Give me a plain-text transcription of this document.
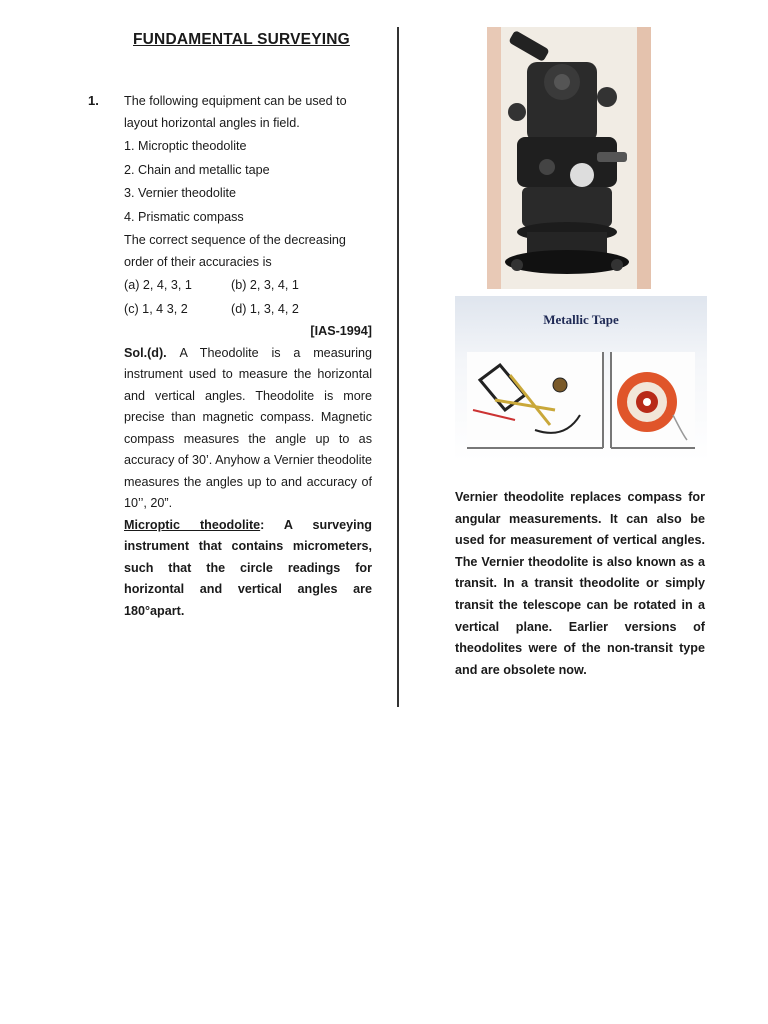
FUNDAMENTAL SURVEYING
1. The following equipment can be used to layout horizontal angles in field.

1. Microptic theodolite

2. Chain and metallic tape

3. Vernier theodolite

4. Prismatic compass

The correct sequence of the decreasing order of their accuracies is

(a) 2, 4, 3, 1	(b) 2, 3, 4, 1
(c) 1, 4 3, 2	(d) 1, 3, 4, 2
[IAS-1994]

Sol.(d). A Theodolite is a measuring instrument used to measure the horizontal and vertical angles. Theodolite is more precise than magnetic compass. Magnetic compass measures the angle up to as accuracy of 30’. Anyhow a Vernier theodolite measures the angles up to and accuracy of 10’’, 20”.

Microptic theodolite: A surveying instrument that contains micrometers, such that the circle readings for horizontal and vertical angles are 180°apart.

Metallic Tape
Vernier theodolite replaces compass for angular measurements. It can also be used for measurement of vertical angles. The Vernier theodolite is also known as a transit. In a transit theodolite or simply transit the telescope can be rotated in a vertical plane. Earlier versions of theodolites were of the non-transit type and are obsolete now.
